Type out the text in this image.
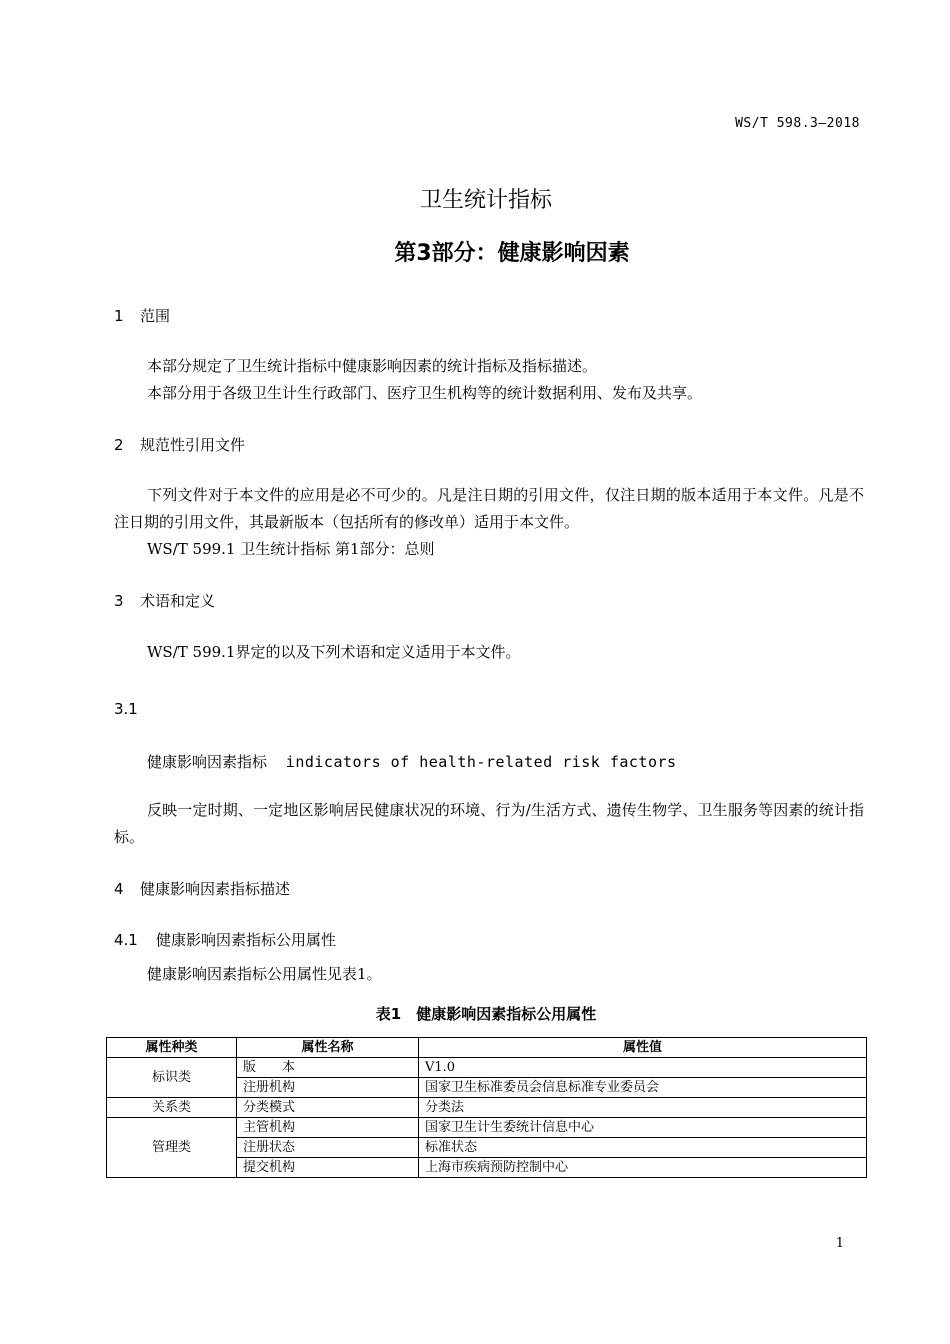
WS/T 598.3—2018
卫生统计指标
第3部分：健康影响因素
1 范围
本部分规定了卫生统计指标中健康影响因素的统计指标及指标描述。
本部分用于各级卫生计生行政部门、医疗卫生机构等的统计数据利用、发布及共享。
2 规范性引用文件
下列文件对于本文件的应用是必不可少的。凡是注日期的引用文件，仅注日期的版本适用于本文件。凡是不注日期的引用文件，其最新版本（包括所有的修改单）适用于本文件。
WS/T 599.1 卫生统计指标 第1部分：总则
3 术语和定义
WS/T 599.1界定的以及下列术语和定义适用于本文件。
3.1
健康影响因素指标 indicators of health-related risk factors
反映一定时期、一定地区影响居民健康状况的环境、行为/生活方式、遗传生物学、卫生服务等因素的统计指标。
4 健康影响因素指标描述
4.1 健康影响因素指标公用属性
健康影响因素指标公用属性见表1。
表1　健康影响因素指标公用属性
属性种类	属性名称	属性值
标识类	版　　本	V1.0
	注册机构	国家卫生标准委员会信息标准专业委员会
关系类	分类模式	分类法
管理类	主管机构	国家卫生计生委统计信息中心
	注册状态	标准状态
	提交机构	上海市疾病预防控制中心
1
